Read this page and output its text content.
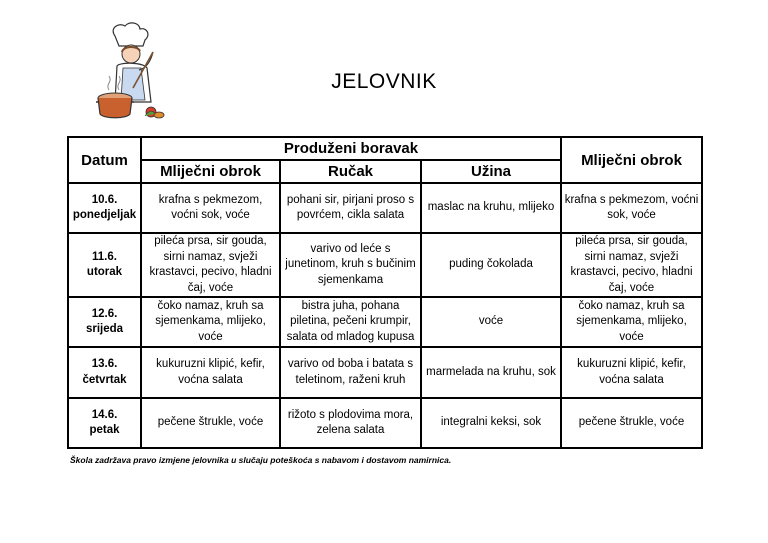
JELOVNIK
Datum	Produženi boravak			Mliječni obrok
	Mliječni obrok	Ručak	Užina	
10.6.
ponedjeljak	krafna s pekmezom, voćni sok, voće	pohani sir, pirjani proso s povrćem, cikla salata	maslac na kruhu, mlijeko	krafna s pekmezom, voćni sok, voće
11.6.
utorak	pileća prsa, sir gouda, sirni namaz, svježi krastavci, pecivo, hladni čaj, voće	varivo od leće s junetinom, kruh s bučinim sjemenkama	puding čokolada	pileća prsa, sir gouda, sirni namaz, svježi krastavci, pecivo, hladni čaj, voće
12.6.
srijeda	čoko namaz, kruh sa sjemenkama, mlijeko, voće	bistra juha, pohana piletina, pečeni krumpir, salata od mladog kupusa	voće	čoko namaz, kruh sa sjemenkama, mlijeko, voće
13.6.
četvrtak	kukuruzni klipić, kefir, voćna salata	varivo od boba i batata s teletinom, raženi kruh	marmelada na kruhu, sok	kukuruzni klipić, kefir, voćna salata
14.6.
petak	pečene štrukle, voće	rižoto s plodovima mora, zelena salata	integralni keksi, sok	pečene štrukle, voće
Škola zadržava pravo izmjene jelovnika u slučaju poteškoća s nabavom i dostavom namirnica.
